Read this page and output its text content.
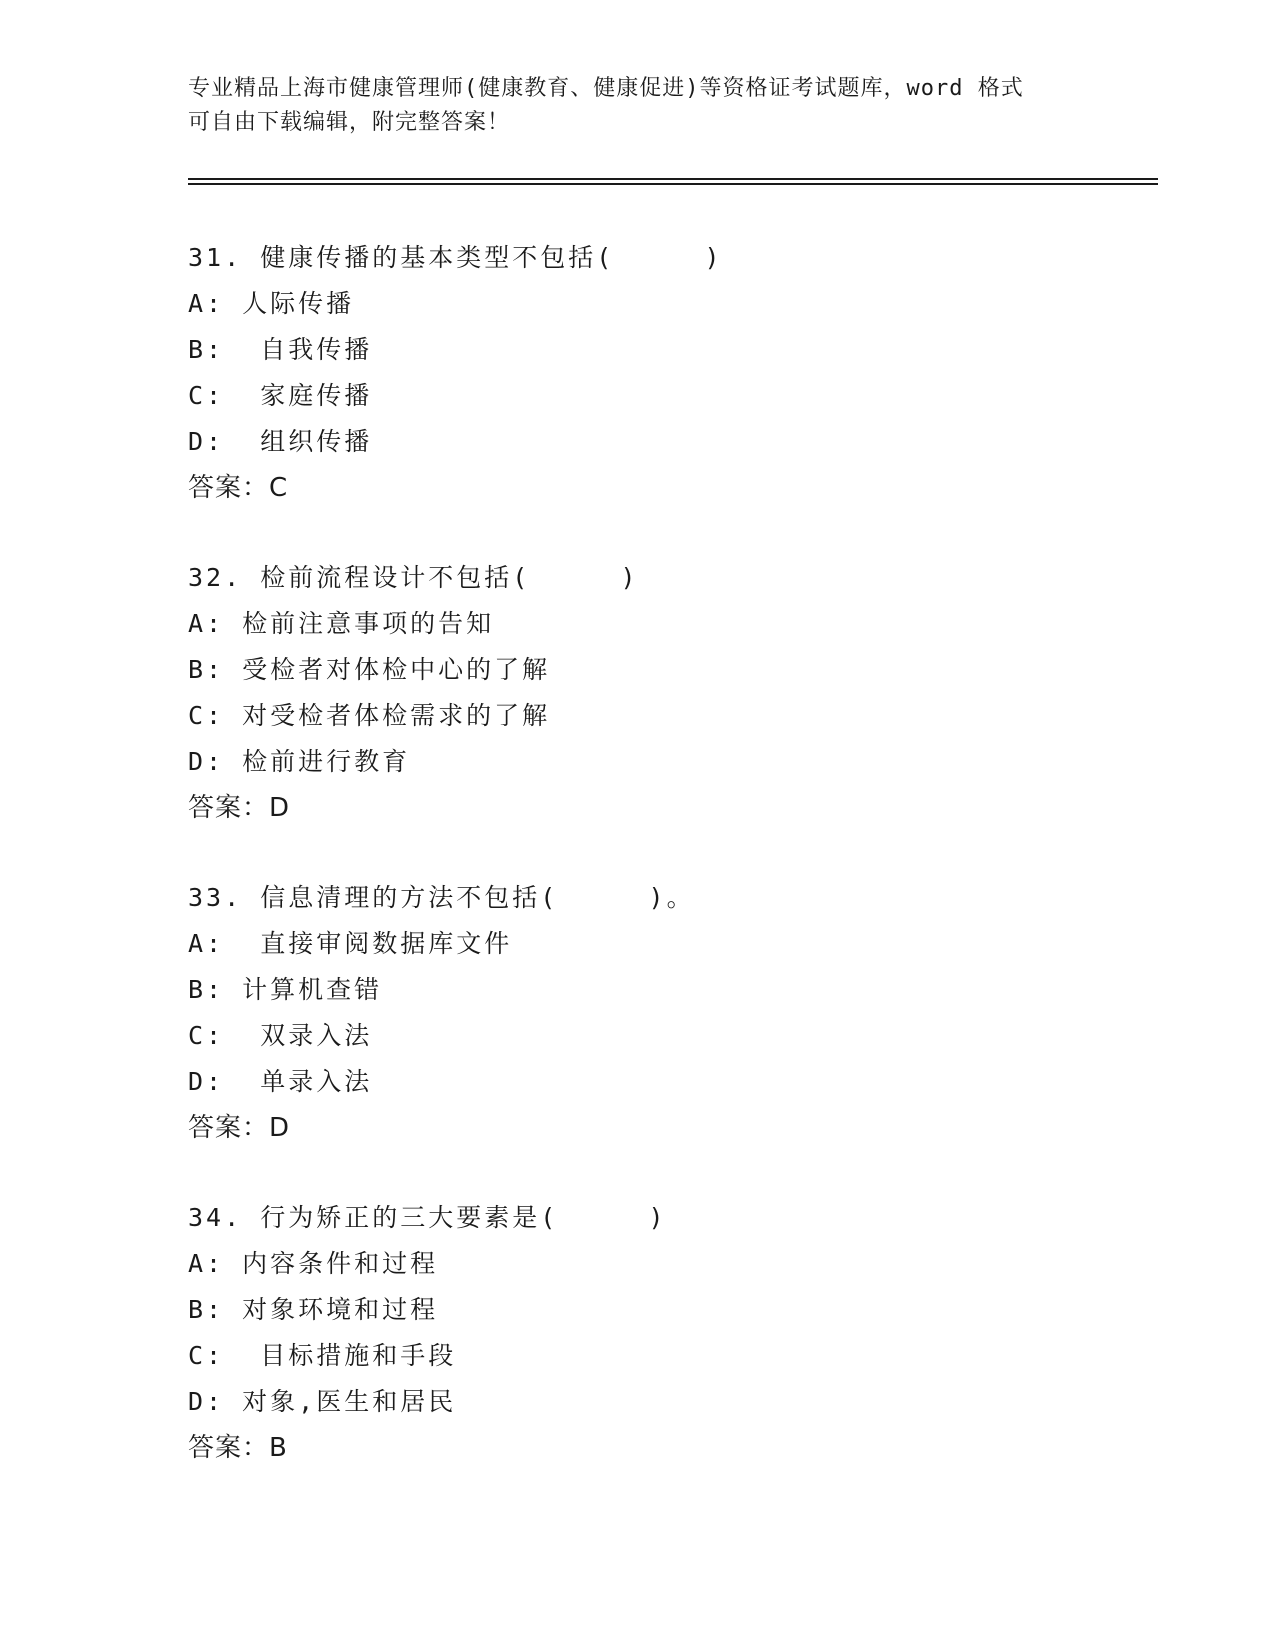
专业精品上海市健康管理师(健康教育、健康促进)等资格证考试题库，word 格式
可自由下载编辑，附完整答案！
31. 健康传播的基本类型不包括(     )
A: 人际传播
B:  自我传播
C:  家庭传播
D:  组织传播
答案：C
32. 检前流程设计不包括(     )
A: 检前注意事项的告知
B: 受检者对体检中心的了解
C: 对受检者体检需求的了解
D: 检前进行教育
答案：D
33. 信息清理的方法不包括(     )。
A:  直接审阅数据库文件
B: 计算机查错
C:  双录入法
D:  单录入法
答案：D
34. 行为矫正的三大要素是(     )
A: 内容条件和过程
B: 对象环境和过程
C:  目标措施和手段
D: 对象,医生和居民
答案：B
